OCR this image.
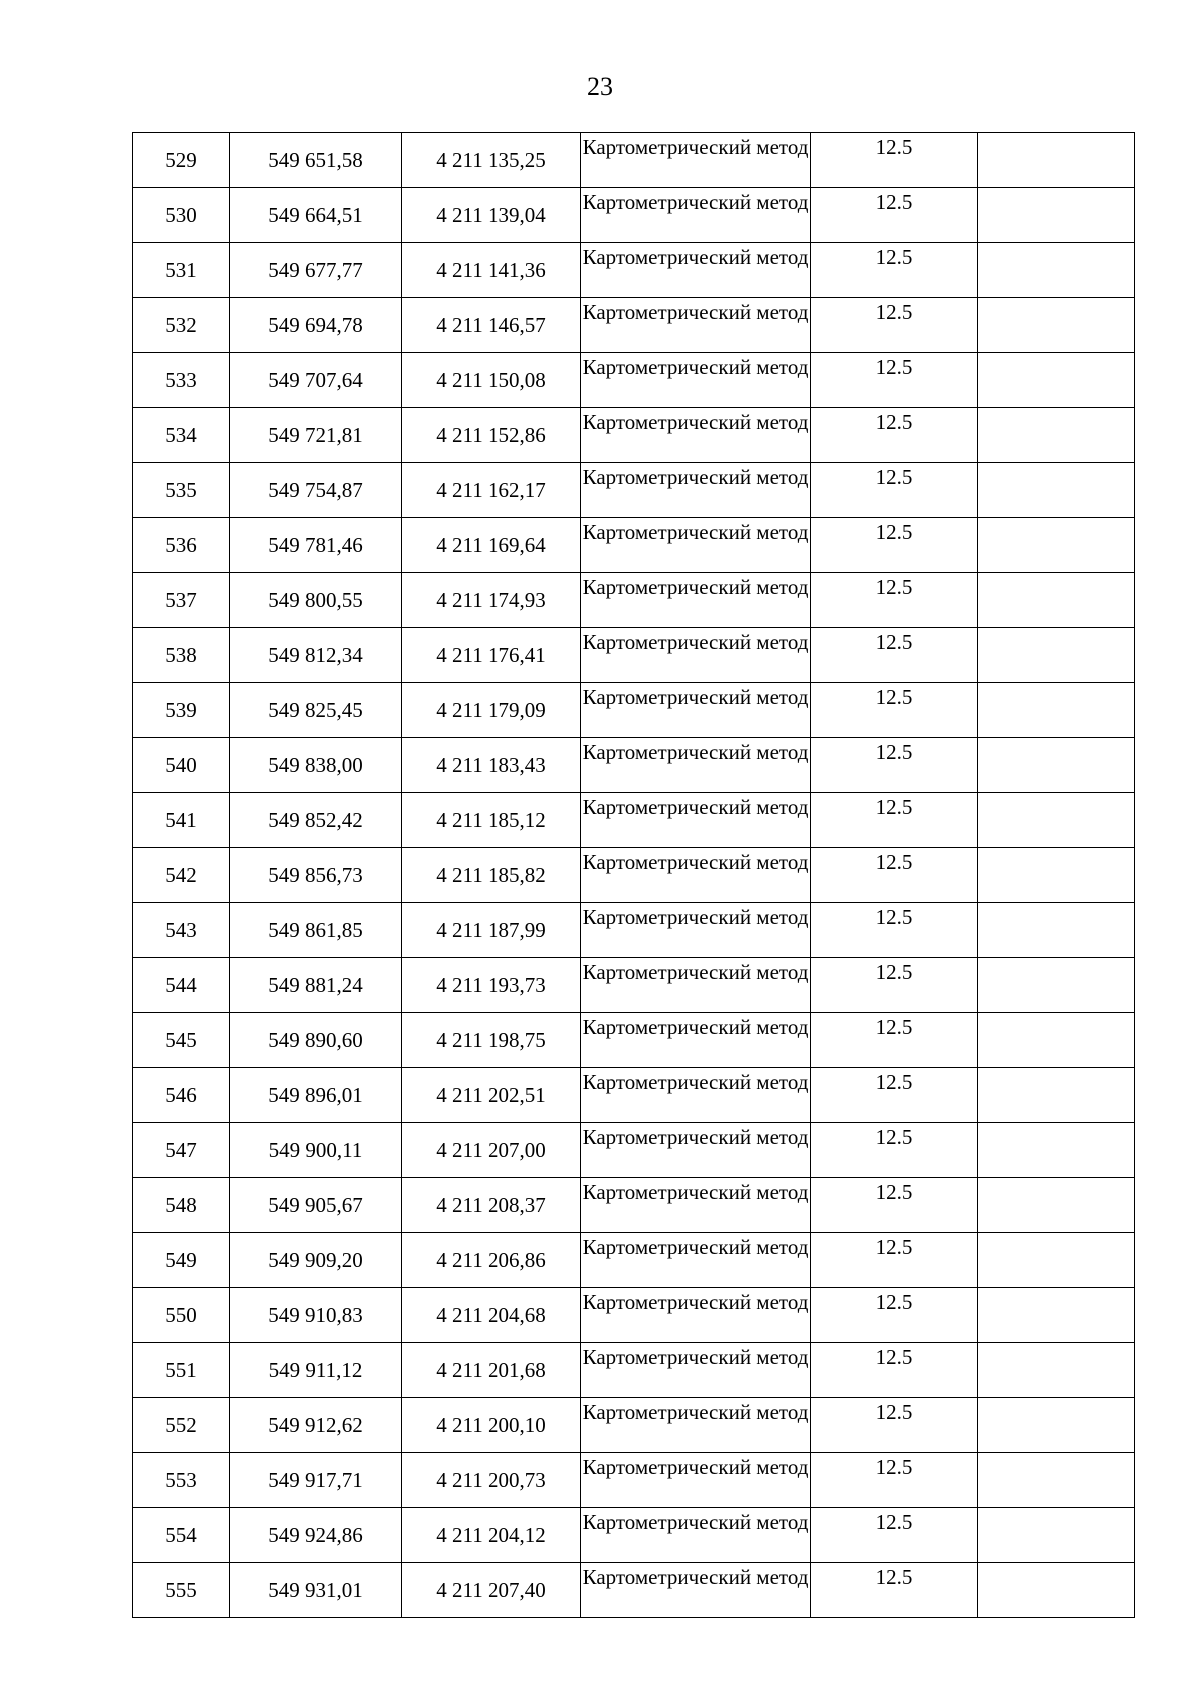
23
529	549 651,58	4 211 135,25	Картометрический метод	12.5	
530	549 664,51	4 211 139,04	Картометрический метод	12.5	
531	549 677,77	4 211 141,36	Картометрический метод	12.5	
532	549 694,78	4 211 146,57	Картометрический метод	12.5	
533	549 707,64	4 211 150,08	Картометрический метод	12.5	
534	549 721,81	4 211 152,86	Картометрический метод	12.5	
535	549 754,87	4 211 162,17	Картометрический метод	12.5	
536	549 781,46	4 211 169,64	Картометрический метод	12.5	
537	549 800,55	4 211 174,93	Картометрический метод	12.5	
538	549 812,34	4 211 176,41	Картометрический метод	12.5	
539	549 825,45	4 211 179,09	Картометрический метод	12.5	
540	549 838,00	4 211 183,43	Картометрический метод	12.5	
541	549 852,42	4 211 185,12	Картометрический метод	12.5	
542	549 856,73	4 211 185,82	Картометрический метод	12.5	
543	549 861,85	4 211 187,99	Картометрический метод	12.5	
544	549 881,24	4 211 193,73	Картометрический метод	12.5	
545	549 890,60	4 211 198,75	Картометрический метод	12.5	
546	549 896,01	4 211 202,51	Картометрический метод	12.5	
547	549 900,11	4 211 207,00	Картометрический метод	12.5	
548	549 905,67	4 211 208,37	Картометрический метод	12.5	
549	549 909,20	4 211 206,86	Картометрический метод	12.5	
550	549 910,83	4 211 204,68	Картометрический метод	12.5	
551	549 911,12	4 211 201,68	Картометрический метод	12.5	
552	549 912,62	4 211 200,10	Картометрический метод	12.5	
553	549 917,71	4 211 200,73	Картометрический метод	12.5	
554	549 924,86	4 211 204,12	Картометрический метод	12.5	
555	549 931,01	4 211 207,40	Картометрический метод	12.5	
